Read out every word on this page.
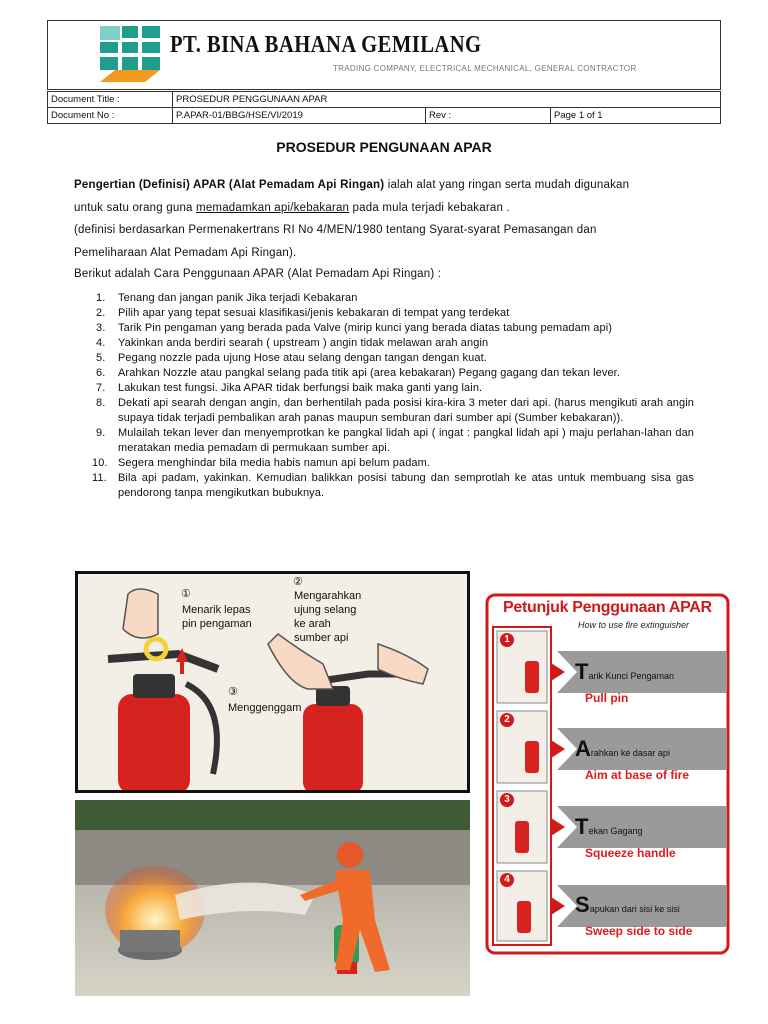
PT. BINA BAHANA GEMILANG
TRADING COMPANY, ELECTRICAL MECHANICAL, GENERAL CONTRACTOR
Document Title :	PROSEDUR PENGGUNAAN APAR		
Document No :	P.APAR-01/BBG/HSE/VI/2019	Rev :	Page 1 of 1
PROSEDUR PENGUNAAN APAR
Pengertian (Definisi) APAR (Alat Pemadam Api Ringan) ialah alat yang ringan serta mudah digunakan
untuk satu orang guna memadamkan api/kebakaran pada mula terjadi kebakaran .
(definisi berdasarkan Permenakertrans RI No 4/MEN/1980 tentang Syarat-syarat Pemasangan dan
Pemeliharaan Alat Pemadam Api Ringan).
Berikut adalah Cara Penggunaan APAR (Alat Pemadam Api Ringan) :
1. Tenang dan jangan panik Jika terjadi Kebakaran
2. Pilih apar yang tepat sesuai klasifikasi/jenis kebakaran di tempat yang terdekat
3. Tarik Pin pengaman yang berada pada Valve (mirip kunci yang berada diatas tabung pemadam api)
4. Yakinkan anda berdiri searah ( upstream ) angin tidak melawan arah angin
5. Pegang nozzle pada ujung Hose atau selang dengan tangan dengan kuat.
6. Arahkan Nozzle atau pangkal selang pada titik api (area kebakaran) Pegang gagang dan tekan lever.
7. Lakukan test fungsi. Jika APAR tidak berfungsi baik maka ganti yang lain.
8. Dekati api searah dengan angin, dan berhentilah pada posisi kira-kira 3 meter dari api. (harus mengikuti arah angin supaya tidak terjadi pembalikan arah panas maupun semburan dari sumber api (Sumber kebakaran)).
9. Mulailah tekan lever dan menyemprotkan ke pangkal lidah api ( ingat : pangkal lidah api ) maju perlahan-lahan dan meratakan media pemadam di permukaan sumber api.
10. Segera menghindar bila media habis namun api belum padam.
11. Bila api padam, yakinkan. Kemudian balikkan posisi tabung dan semprotlah ke atas untuk membuang sisa gas pendorong tanpa mengikutkan bubuknya.
①
Menarik lepas
pin pengaman
②
Mengarahkan
ujung selang
ke arah
sumber api
③
Menggenggam
Petunjuk Penggunaan APAR
How to use fire extinguisher
1
Tarik Kunci Pengaman
Pull pin
2
Arahkan ke dasar api
Aim at base of fire
3
Tekan Gagang
Squeeze handle
4
Sapukan dari sisi ke sisi
Sweep side to side
